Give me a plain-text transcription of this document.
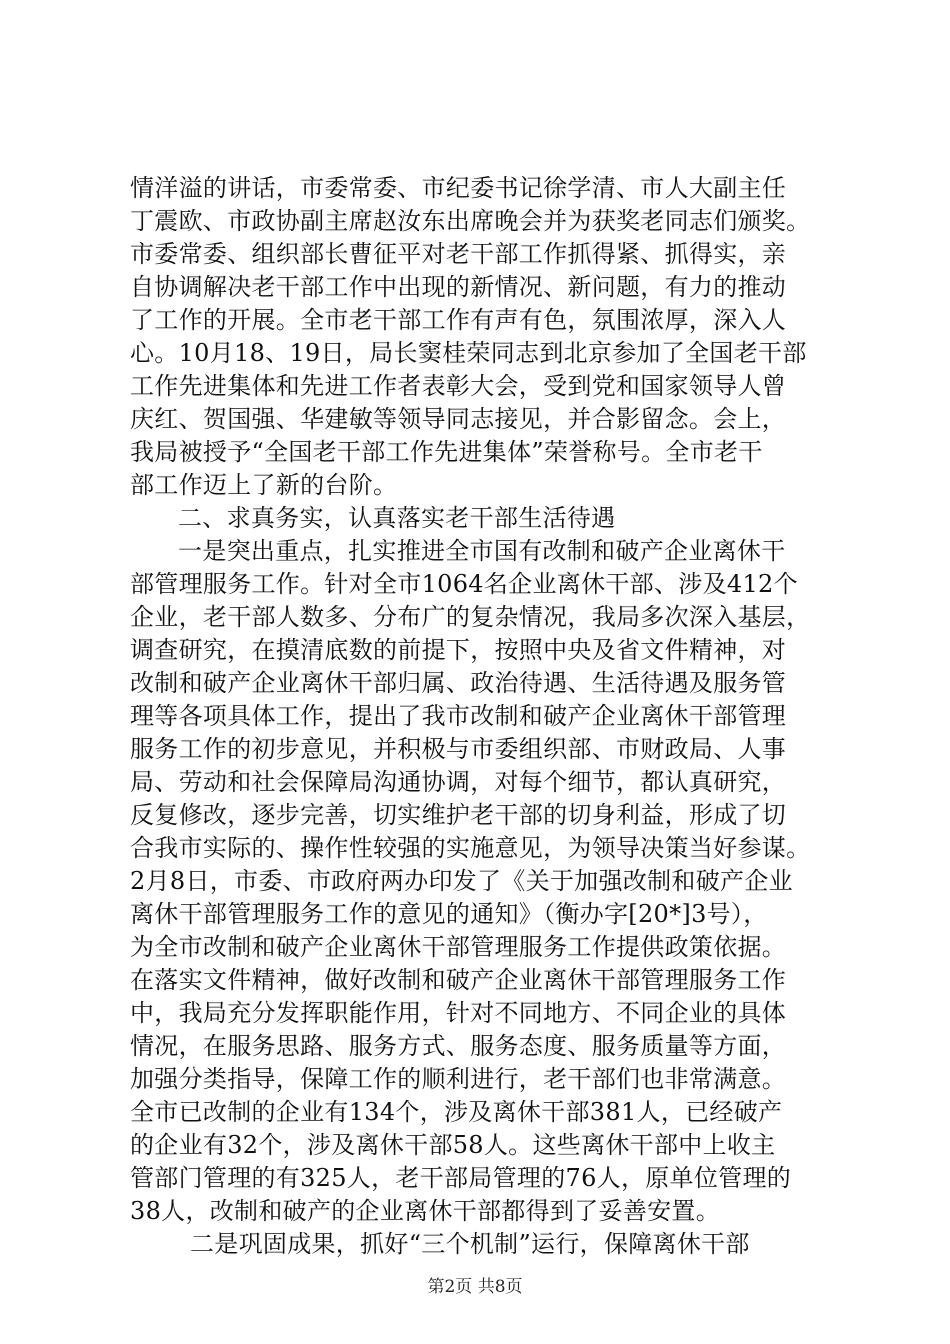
情洋溢的讲话，市委常委、市纪委书记徐学清、市人大副主任
丁震欧、市政协副主席赵汝东出席晚会并为获奖老同志们颁奖。
市委常委、组织部长曹征平对老干部工作抓得紧、抓得实，亲
自协调解决老干部工作中出现的新情况、新问题，有力的推动
了工作的开展。全市老干部工作有声有色，氛围浓厚，深入人
心。10月18、19日，局长窦桂荣同志到北京参加了全国老干部
工作先进集体和先进工作者表彰大会，受到党和国家领导人曾
庆红、贺国强、华建敏等领导同志接见，并合影留念。会上，
我局被授予“全国老干部工作先进集体”荣誉称号。全市老干
部工作迈上了新的台阶。
二、求真务实，认真落实老干部生活待遇
一是突出重点，扎实推进全市国有改制和破产企业离休干
部管理服务工作。针对全市1064名企业离休干部、涉及412个
企业，老干部人数多、分布广的复杂情况，我局多次深入基层，
调查研究，在摸清底数的前提下，按照中央及省文件精神，对
改制和破产企业离休干部归属、政治待遇、生活待遇及服务管
理等各项具体工作，提出了我市改制和破产企业离休干部管理
服务工作的初步意见，并积极与市委组织部、市财政局、人事
局、劳动和社会保障局沟通协调，对每个细节，都认真研究，
反复修改，逐步完善，切实维护老干部的切身利益，形成了切
合我市实际的、操作性较强的实施意见，为领导决策当好参谋。
2月8日，市委、市政府两办印发了《关于加强改制和破产企业
离休干部管理服务工作的意见的通知》（衡办字[20*]3号），
为全市改制和破产企业离休干部管理服务工作提供政策依据。
在落实文件精神，做好改制和破产企业离休干部管理服务工作
中，我局充分发挥职能作用，针对不同地方、不同企业的具体
情况，在服务思路、服务方式、服务态度、服务质量等方面，
加强分类指导，保障工作的顺利进行，老干部们也非常满意。
全市已改制的企业有134个，涉及离休干部381人，已经破产
的企业有32个，涉及离休干部58人。这些离休干部中上收主
管部门管理的有325人，老干部局管理的76人，原单位管理的
38人，改制和破产的企业离休干部都得到了妥善安置。
二是巩固成果，抓好“三个机制”运行，保障离休干部
第2页 共8页
